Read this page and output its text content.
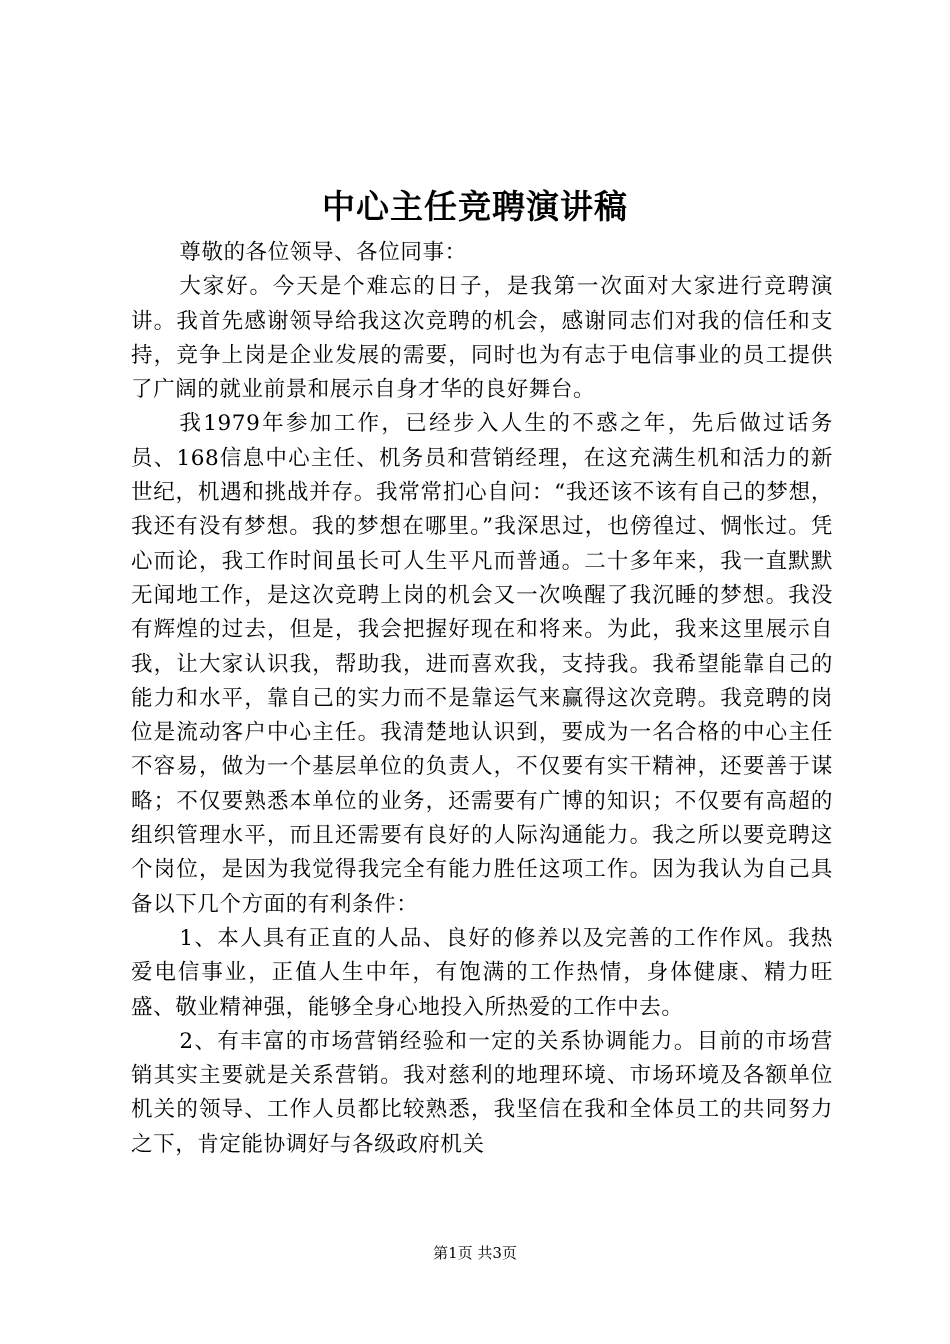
中心主任竞聘演讲稿

尊敬的各位领导、各位同事：

大家好。今天是个难忘的日子，是我第一次面对大家进行竞聘演讲。我首先感谢领导给我这次竞聘的机会，感谢同志们对我的信任和支持，竞争上岗是企业发展的需要，同时也为有志于电信事业的员工提供了广阔的就业前景和展示自身才华的良好舞台。

我1979年参加工作，已经步入人生的不惑之年，先后做过话务员、168信息中心主任、机务员和营销经理，在这充满生机和活力的新世纪，机遇和挑战并存。我常常扪心自问：“我还该不该有自己的梦想，我还有没有梦想。我的梦想在哪里。”我深思过，也傍徨过、惆怅过。凭心而论，我工作时间虽长可人生平凡而普通。二十多年来，我一直默默无闻地工作，是这次竞聘上岗的机会又一次唤醒了我沉睡的梦想。我没有辉煌的过去，但是，我会把握好现在和将来。为此，我来这里展示自我，让大家认识我，帮助我，进而喜欢我，支持我。我希望能靠自己的能力和水平，靠自己的实力而不是靠运气来赢得这次竞聘。我竞聘的岗位是流动客户中心主任。我清楚地认识到，要成为一名合格的中心主任不容易，做为一个基层单位的负责人，不仅要有实干精神，还要善于谋略；不仅要熟悉本单位的业务，还需要有广博的知识；不仅要有高超的组织管理水平，而且还需要有良好的人际沟通能力。我之所以要竞聘这个岗位，是因为我觉得我完全有能力胜任这项工作。因为我认为自己具备以下几个方面的有利条件：

1、本人具有正直的人品、良好的修养以及完善的工作作风。我热爱电信事业，正值人生中年，有饱满的工作热情，身体健康、精力旺盛、敬业精神强，能够全身心地投入所热爱的工作中去。

2、有丰富的市场营销经验和一定的关系协调能力。目前的市场营销其实主要就是关系营销。我对慈利的地理环境、市场环境及各额单位机关的领导、工作人员都比较熟悉，我坚信在我和全体员工的共同努力之下，肯定能协调好与各级政府机关

第1页 共3页
